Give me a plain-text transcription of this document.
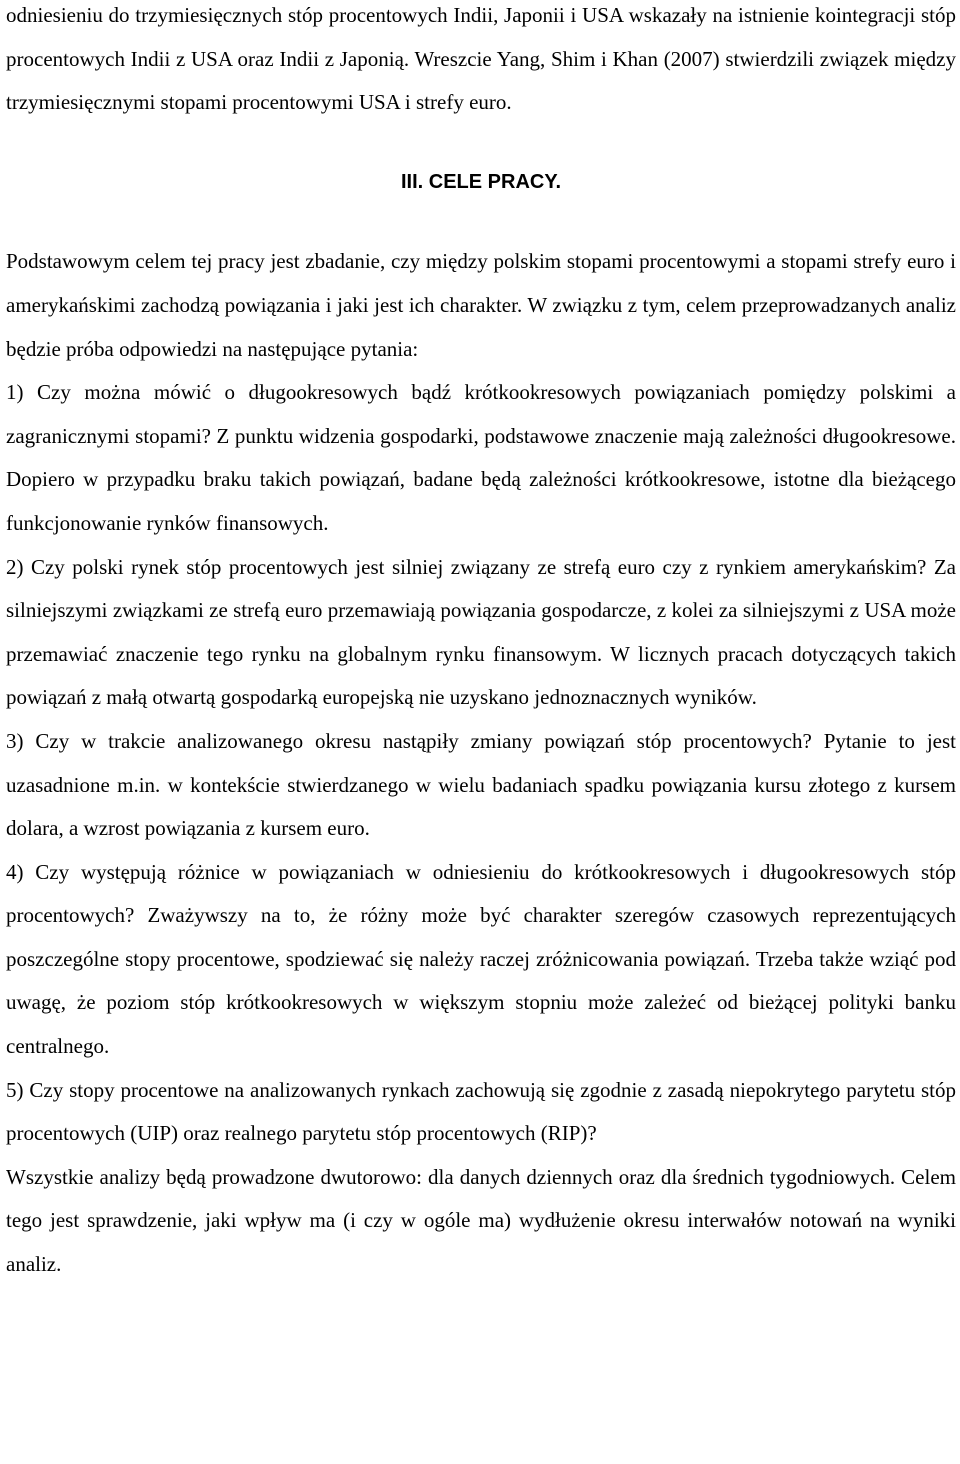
odniesieniu do trzymiesięcznych stóp procentowych Indii, Japonii i USA wskazały na istnienie kointegracji stóp procentowych Indii z USA oraz Indii z Japonią. Wreszcie Yang, Shim i Khan (2007) stwierdzili związek między trzymiesięcznymi stopami procentowymi USA i strefy euro.

III. CELE PRACY.

Podstawowym celem tej pracy jest zbadanie, czy między polskim stopami procentowymi a stopami strefy euro i amerykańskimi zachodzą powiązania i jaki jest ich charakter. W związku z tym, celem przeprowadzanych analiz będzie próba odpowiedzi na następujące pytania:

1) Czy można mówić o długookresowych bądź krótkookresowych powiązaniach pomiędzy polskimi a zagranicznymi stopami? Z punktu widzenia gospodarki, podstawowe znaczenie mają zależności długookresowe. Dopiero w przypadku braku takich powiązań, badane będą zależności krótkookresowe, istotne dla bieżącego funkcjonowanie rynków finansowych.

2) Czy polski rynek stóp procentowych jest silniej związany ze strefą euro czy z rynkiem amerykańskim? Za silniejszymi związkami ze strefą euro przemawiają powiązania gospodarcze, z kolei za silniejszymi z USA może przemawiać znaczenie tego rynku na globalnym rynku finansowym. W licznych pracach dotyczących takich powiązań z małą otwartą gospodarką europejską nie uzyskano jednoznacznych wyników.

3) Czy w trakcie analizowanego okresu nastąpiły zmiany powiązań stóp procentowych? Pytanie to jest uzasadnione m.in. w kontekście stwierdzanego w wielu badaniach spadku powiązania kursu złotego z kursem dolara, a wzrost powiązania z kursem euro.

4) Czy występują różnice w powiązaniach w odniesieniu do krótkookresowych i długookresowych stóp procentowych? Zważywszy na to, że różny może być charakter szeregów czasowych reprezentujących poszczególne stopy procentowe, spodziewać się należy raczej zróżnicowania powiązań. Trzeba także wziąć pod uwagę, że poziom stóp krótkookresowych w większym stopniu może zależeć od bieżącej polityki banku centralnego.

5) Czy stopy procentowe na analizowanych rynkach zachowują się zgodnie z zasadą niepokrytego parytetu stóp procentowych (UIP) oraz realnego parytetu stóp procentowych (RIP)?

Wszystkie analizy będą prowadzone dwutorowo: dla danych dziennych oraz dla średnich tygodniowych. Celem tego jest sprawdzenie, jaki wpływ ma (i czy w ogóle ma) wydłużenie okresu interwałów notowań na wyniki analiz.
